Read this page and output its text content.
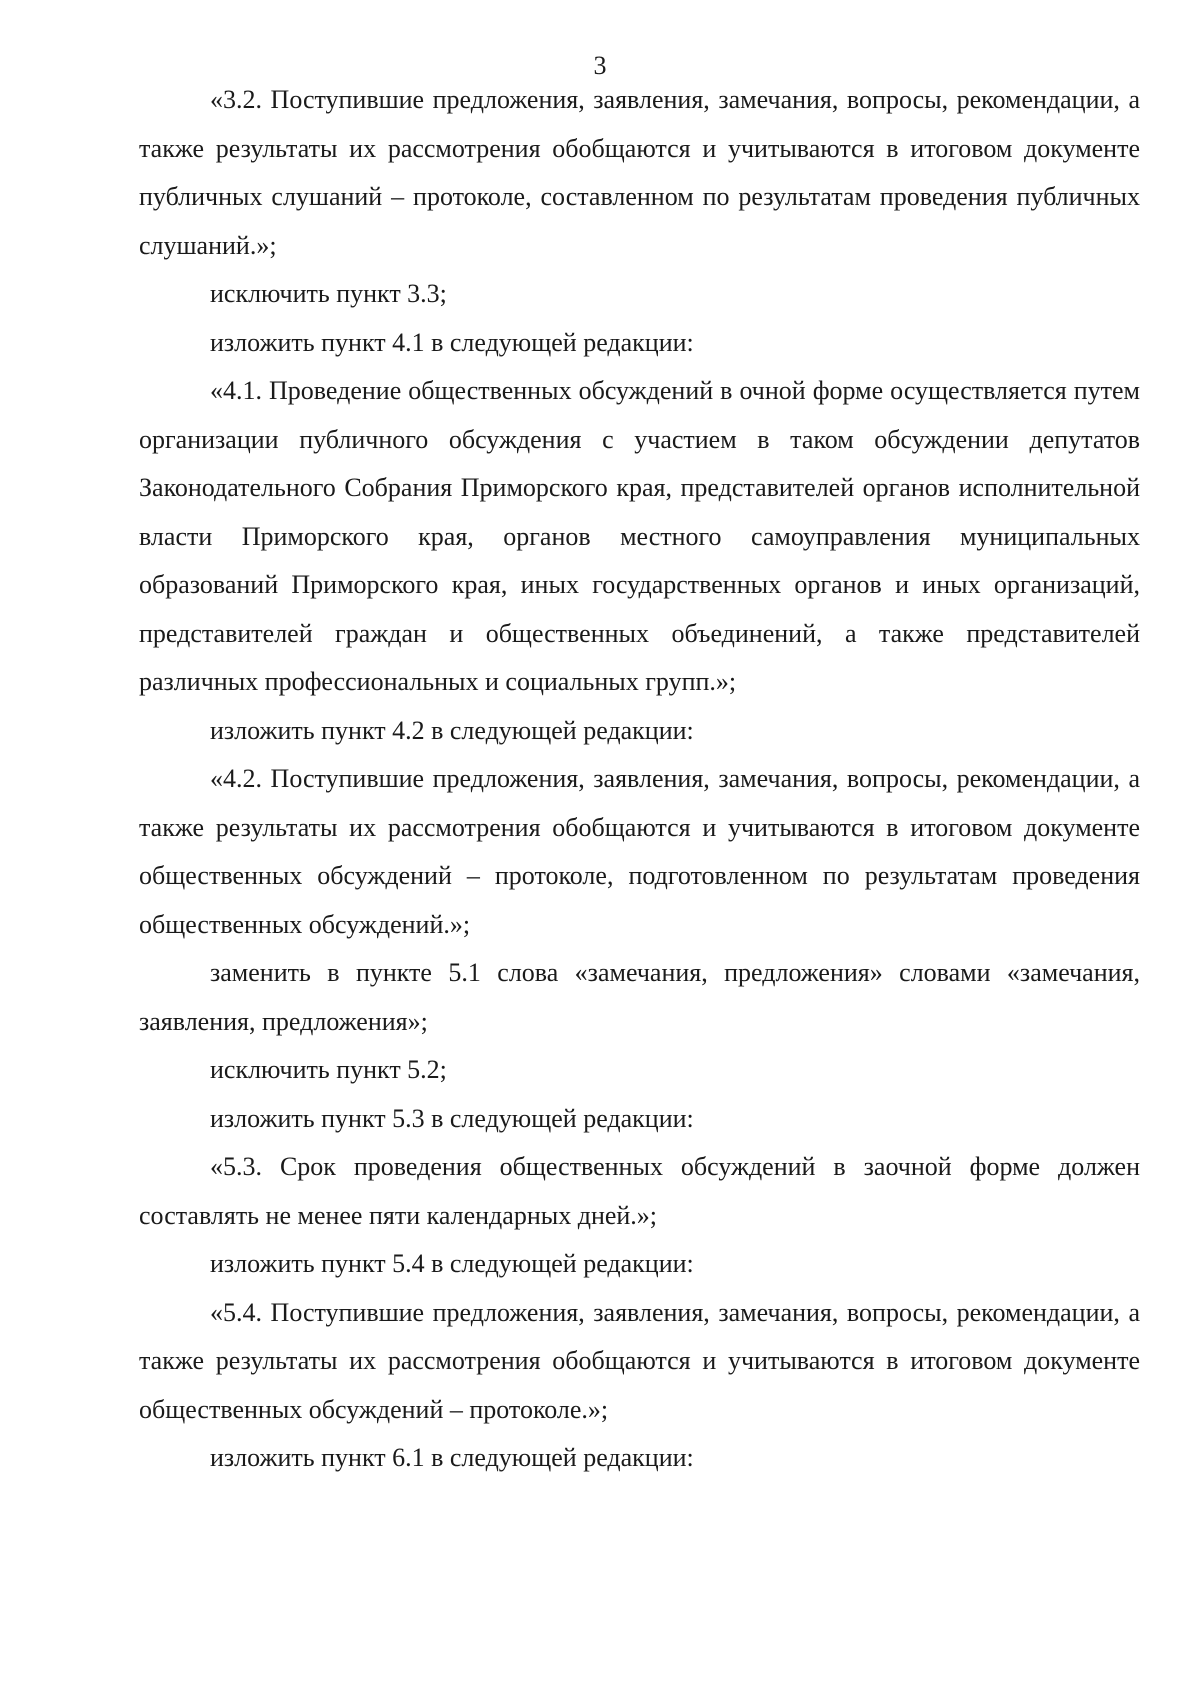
3

«3.2. Поступившие предложения, заявления, замечания, вопросы, рекомендации, а также результаты их рассмотрения обобщаются и учитываются в итоговом документе публичных слушаний – протоколе, составленном по результатам проведения публичных слушаний.»;

исключить пункт 3.3;

изложить пункт 4.1 в следующей редакции:

«4.1. Проведение общественных обсуждений в очной форме осуществляется путем организации публичного обсуждения с участием в таком обсуждении депутатов Законодательного Собрания Приморского края, представителей органов исполнительной власти Приморского края, органов местного самоуправления муниципальных образований Приморского края, иных государственных органов и иных организаций, представителей граждан и общественных объединений, а также представителей различных профессиональных и социальных групп.»;

изложить пункт 4.2 в следующей редакции:

«4.2. Поступившие предложения, заявления, замечания, вопросы, рекомендации, а также результаты их рассмотрения обобщаются и учитываются в итоговом документе общественных обсуждений – протоколе, подготовленном по результатам проведения общественных обсуждений.»;

заменить в пункте 5.1 слова «замечания, предложения» словами «замечания, заявления, предложения»;

исключить пункт 5.2;

изложить пункт 5.3 в следующей редакции:

«5.3. Срок проведения общественных обсуждений в заочной форме должен составлять не менее пяти календарных дней.»;

изложить пункт 5.4 в следующей редакции:

«5.4. Поступившие предложения, заявления, замечания, вопросы, рекомендации, а также результаты их рассмотрения обобщаются и учитываются в итоговом документе общественных обсуждений – протоколе.»;

изложить пункт 6.1 в следующей редакции:
